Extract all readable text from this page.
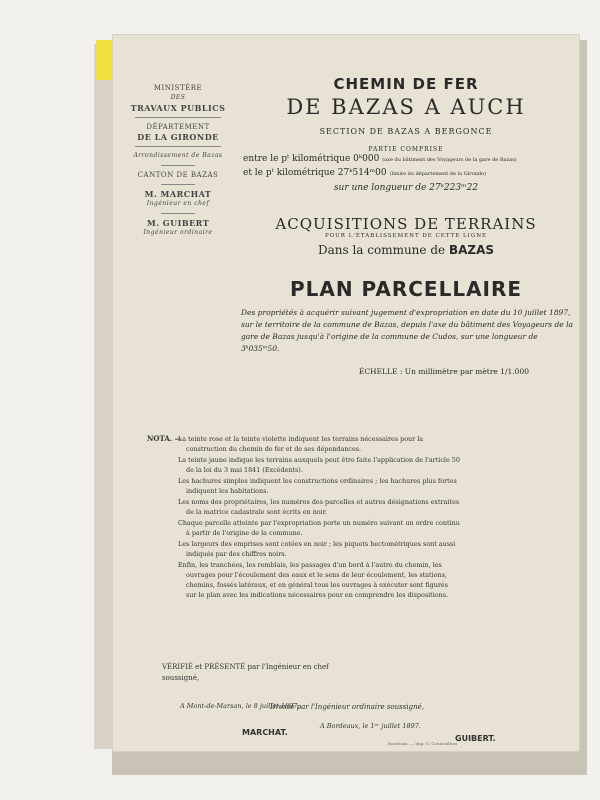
MINISTÈRE
DES
TRAVAUX PUBLICS
DÉPARTEMENT
DE LA GIRONDE
Arrondissement de Bazas
CANTON DE BAZAS
M. MARCHAT
Ingénieur en chef
M. GUIBERT
Ingénieur ordinaire
CHEMIN DE FER
DE BAZAS A AUCH
SECTION DE BAZAS A BERGONCE
PARTIE COMPRISE
entre le pᵗ kilométrique 0ᵏ000 (axe du bâtiment des Voyageurs de la gare de Bazas)
et le pᵗ kilométrique 27ᵏ514ᵐ00 (limite du département de la Gironde)
sur une longueur de 27ᵏ223ᵐ22
ACQUISITIONS DE TERRAINS
POUR L'ÉTABLISSEMENT DE CETTE LIGNE
Dans la commune de BAZAS
PLAN PARCELLAIRE
Des propriétés à acquérir suivant jugement d'expropriation en date du 10 juillet 1897, sur le territoire de la commune de Bazas, depuis l'axe du bâtiment des Voyageurs de la gare de Bazas jusqu'à l'origine de la commune de Cudos, sur une longueur de 3ᵏ035ᵐ50.
ÉCHELLE : Un millimètre par mètre 1/1.000
NOTA. —

La teinte rose et la teinte violette indiquent les terrains nécessaires pour la construction du chemin de fer et de ses dépendances.

La teinte jaune indique les terrains auxquels peut être faite l'application de l'article 50 de la loi du 3 mai 1841 (Excédents).

Les hachures simples indiquent les constructions ordinaires ; les hachures plus fortes indiquent les habitations.

Les noms des propriétaires, les numéros des parcelles et autres désignations extraites de la matrice cadastrale sont écrits en noir.

Chaque parcelle atteinte par l'expropriation porte un numéro suivant un ordre continu à partir de l'origine de la commune.

Les largeurs des emprises sont cotées en noir ; les piquets hectométriques sont aussi indiqués par des chiffres noirs.

Enfin, les tranchées, les remblais, les passages d'un bord à l'autre du chemin, les ouvrages pour l'écoulement des eaux et le sens de leur écoulement, les stations, chemins, fossés latéraux, et en général tous les ouvrages à exécuter sont figurés sur le plan avec les indications nécessaires pour en comprendre les dispositions.

VÉRIFIÉ et PRÉSENTÉ par l'Ingénieur en chef soussigné,
A Mont-de-Marsan, le 8 juillet 1897.
MARCHAT.
Dressé par l'Ingénieur ordinaire soussigné,
A Bordeaux, le 1ᵉʳ juillet 1897.
GUIBERT.
Bordeaux. — Imp. G. Gounouilhou
